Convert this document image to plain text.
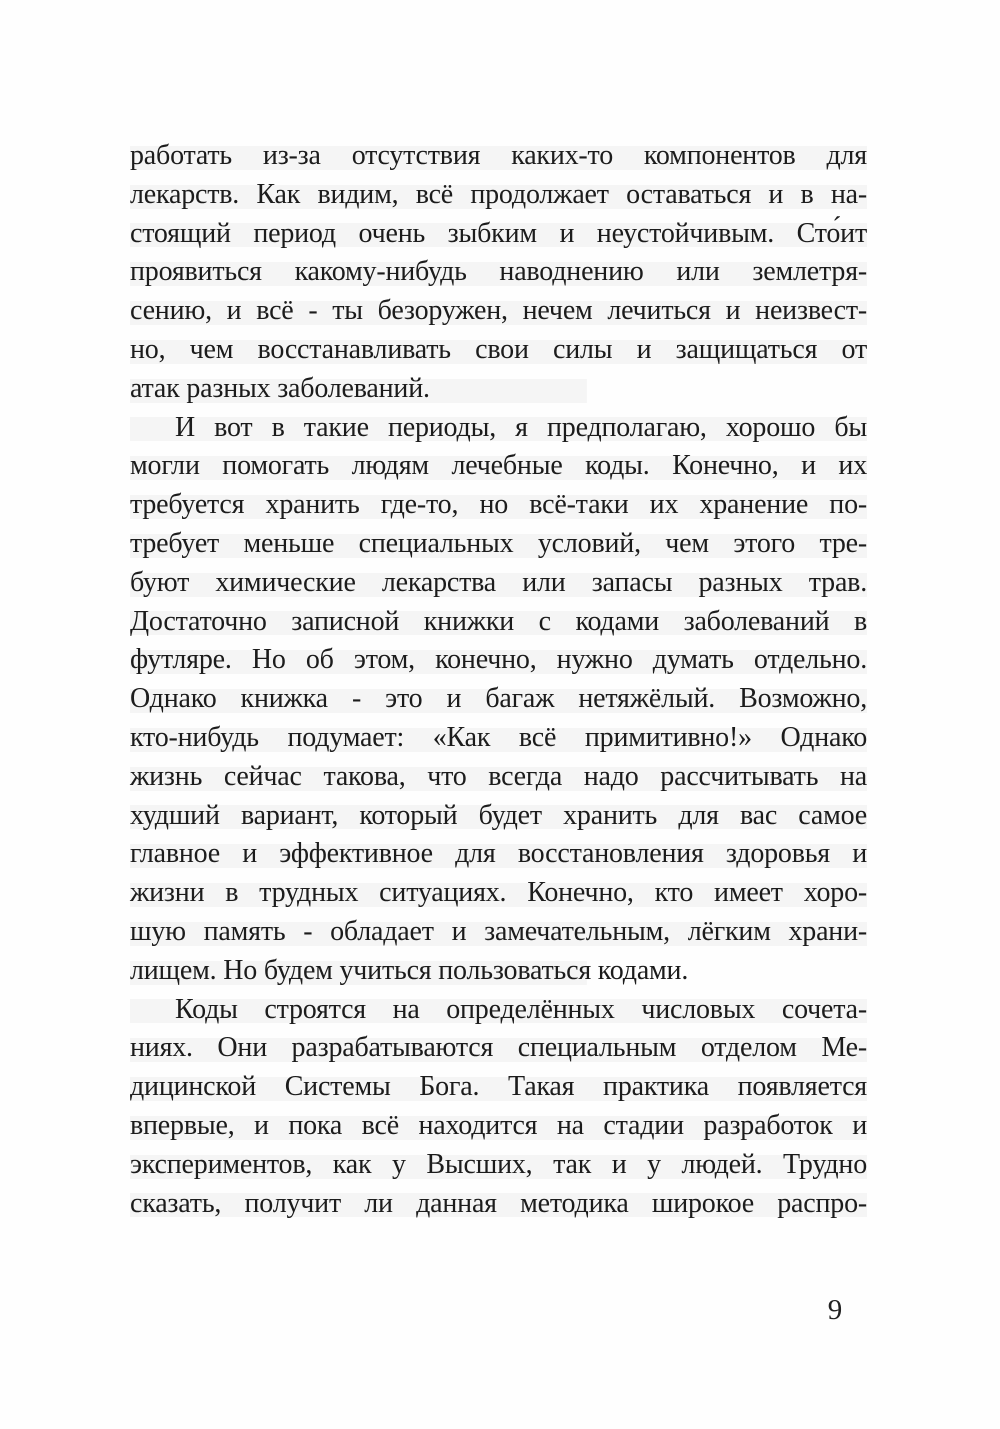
работать из-за отсутствия каких-то компонентов для
лекарств. Как видим, всё продолжает оставаться и в на-
стоящий период очень зыбким и неустойчивым. Сто́ит
проявиться какому-нибудь наводнению или землетря-
сению, и всё - ты безоружен, нечем лечиться и неизвест-
но, чем восстанавливать свои силы и защищаться от
атак разных заболеваний.
И вот в такие периоды, я предполагаю, хорошо бы
могли помогать людям лечебные коды. Конечно, и их
требуется хранить где-то, но всё-таки их хранение по-
требует меньше специальных условий, чем этого тре-
буют химические лекарства или запасы разных трав.
Достаточно записной книжки с кодами заболеваний в
футляре. Но об этом, конечно, нужно думать отдельно.
Однако книжка - это и багаж нетяжёлый. Возможно,
кто-нибудь подумает: «Как всё примитивно!» Однако
жизнь сейчас такова, что всегда надо рассчитывать на
худший вариант, который будет хранить для вас самое
главное и эффективное для восстановления здоровья и
жизни в трудных ситуациях. Конечно, кто имеет хоро-
шую память - обладает и замечательным, лёгким храни-
лищем. Но будем учиться пользоваться кодами.
Коды строятся на определённых числовых сочета-
ниях. Они разрабатываются специальным отделом Ме-
дицинской Системы Бога. Такая практика появляется
впервые, и пока всё находится на стадии разработок и
экспериментов, как у Высших, так и у людей. Трудно
сказать, получит ли данная методика широкое распро-
9
